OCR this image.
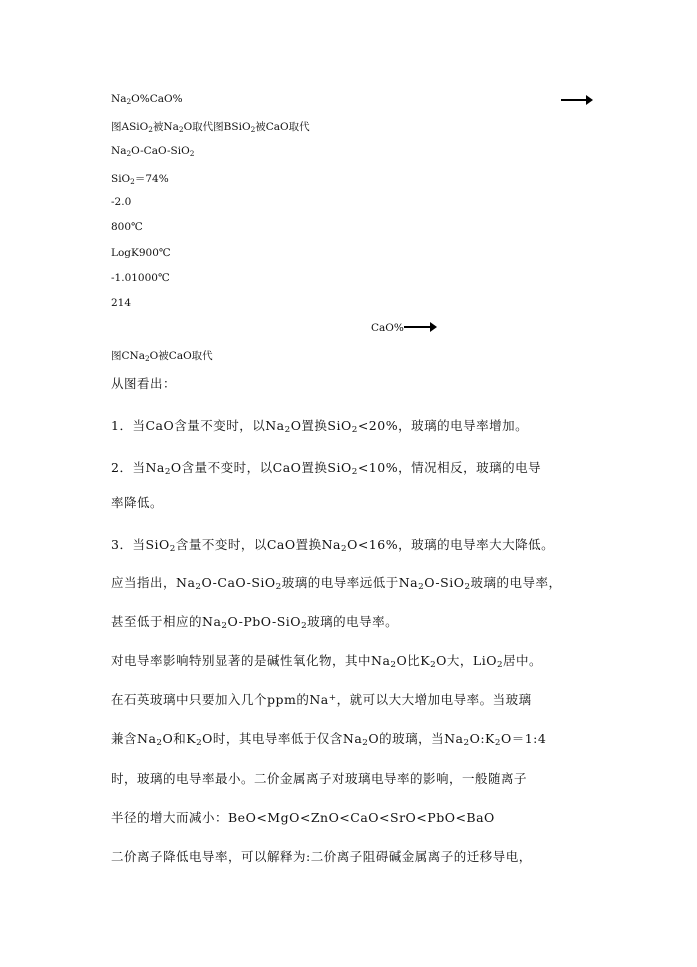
$Na_2O\%CaO\%$
图ASiO$_2$被$Na_2O$取代图BSiO$_2$被CaO取代
$Na_2O-CaO-SiO_2$
SiO$_2$＝74%
-2.0
800℃
LogK900℃
-1.01000℃
214
CaO%
图CNa$_2$O被CaO取代
从图看出：
1．当CaO含量不变时，以$Na_2O$置换SiO$_2$<20%，玻璃的电导率增加。
2．当$Na_2O$含量不变时，以CaO置换SiO$_2$<10%，情况相反，玻璃的电导
率降低。
3．当SiO$_2$含量不变时，以CaO置换$Na_2O<16\%$，玻璃的电导率大大降低。
应当指出，$Na_2O-CaO-SiO_2$玻璃的电导率远低于$Na_2O-SiO_2$玻璃的电导率，
甚至低于相应的$Na_2O-PbO-SiO_2$玻璃的电导率。
对电导率影响特别显著的是碱性氧化物，其中$Na_2O$比$K_2O$大，LiO$_2$居中。
在石英玻璃中只要加入几个ppm的Na+，就可以大大增加电导率。当玻璃
兼含$Na_2O$和$K_2O$时，其电导率低于仅含$Na_2O$的玻璃，当$Na_2O:K_2O=1:4$
时，玻璃的电导率最小。二价金属离子对玻璃电导率的影响，一般随离子
半径的增大而减小：BeO<MgO<ZnO<CaO<SrO<PbO<BaO
二价离子降低电导率，可以解释为:二价离子阻碍碱金属离子的迁移导电，
